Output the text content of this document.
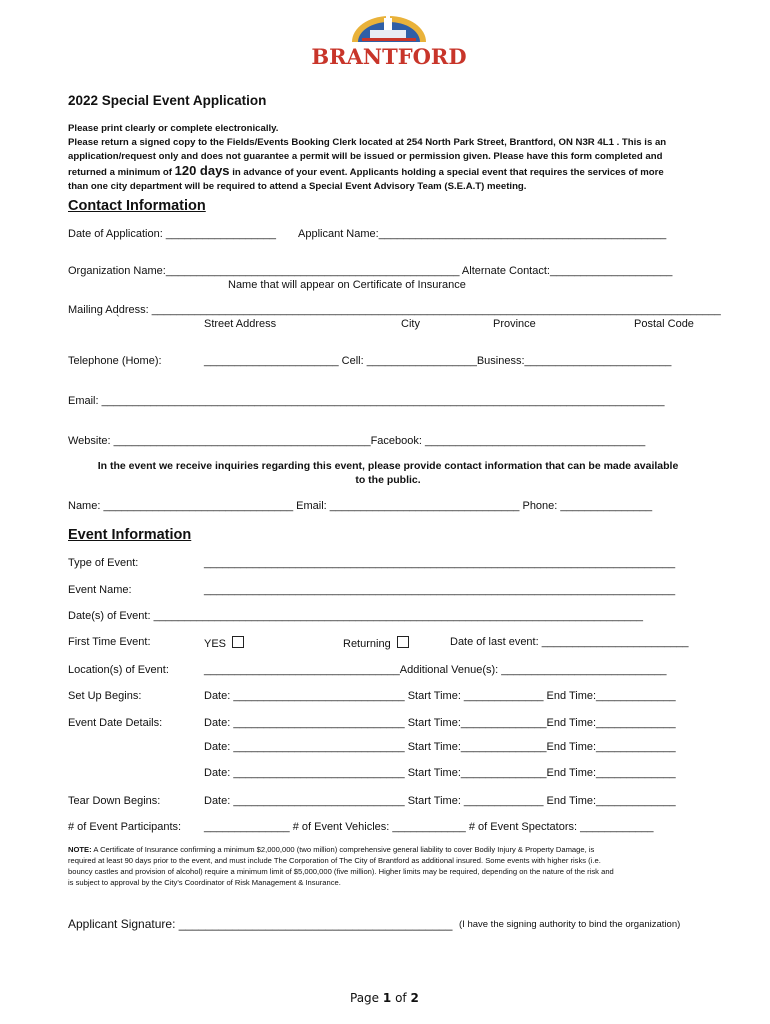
BRANTFORD
2022 Special Event Application
Please print clearly or complete electronically.
Please return a signed copy to the Fields/Events Booking Clerk located at 254 North Park Street, Brantford, ON N3R 4L1 . This is an
application/request only and does not guarantee a permit will be issued or permission given. Please have this form completed and
returned a minimum of 120 days in advance of your event. Applicants holding a special event that requires the services of more
than one city department will be required to attend a Special Event Advisory Team (S.E.A.T) meeting.
Contact Information
Date of Application: __________________ Applicant Name:_______________________________________________
Organization Name:________________________________________________ Alternate Contact:____________________
Name that will appear on Certificate of Insurance
Mailing Address: _____________________________________________________________________________________________
`	Street Address	City	Province	Postal Code
Telephone (Home):	______________________ Cell: __________________Business:________________________
Email: ____________________________________________________________________________________________
Website: __________________________________________Facebook: ____________________________________
In the event we receive inquiries regarding this event, please provide contact information that can be made available
to the public.
Name: _______________________________ Email: _______________________________ Phone: _______________
Event Information
Type of Event:	_____________________________________________________________________________
Event Name:	_____________________________________________________________________________
Date(s) of Event: ________________________________________________________________________________
First Time Event:	YES	Returning	Date of last event: ________________________
Location(s) of Event:	________________________________Additional Venue(s): ___________________________
Set Up Begins:	Date: ____________________________ Start Time: _____________ End Time:_____________
Event Date Details:	Date: ____________________________ Start Time:______________End Time:_____________
Date: ____________________________ Start Time:______________End Time:_____________
Date: ____________________________ Start Time:______________End Time:_____________
Tear Down Begins:	Date: ____________________________ Start Time: _____________ End Time:_____________
# of Event Participants: ______________ # of Event Vehicles: ____________ # of Event Spectators: ____________
NOTE: A Certificate of Insurance confirming a minimum $2,000,000 (two million) comprehensive general liability to cover Bodily Injury & Property Damage, is
required at least 90 days prior to the event, and must include The Corporation of The City of Brantford as additional insured. Some events with higher risks (i.e.
bouncy castles and provision of alcohol) require a minimum limit of $5,000,000 (five million). Higher limits may be required, depending on the nature of the risk and
is subject to approval by the City's Coordinator of Risk Management & Insurance.
Applicant Signature: _________________________________________ (I have the signing authority to bind the organization)
Page 1 of 2
